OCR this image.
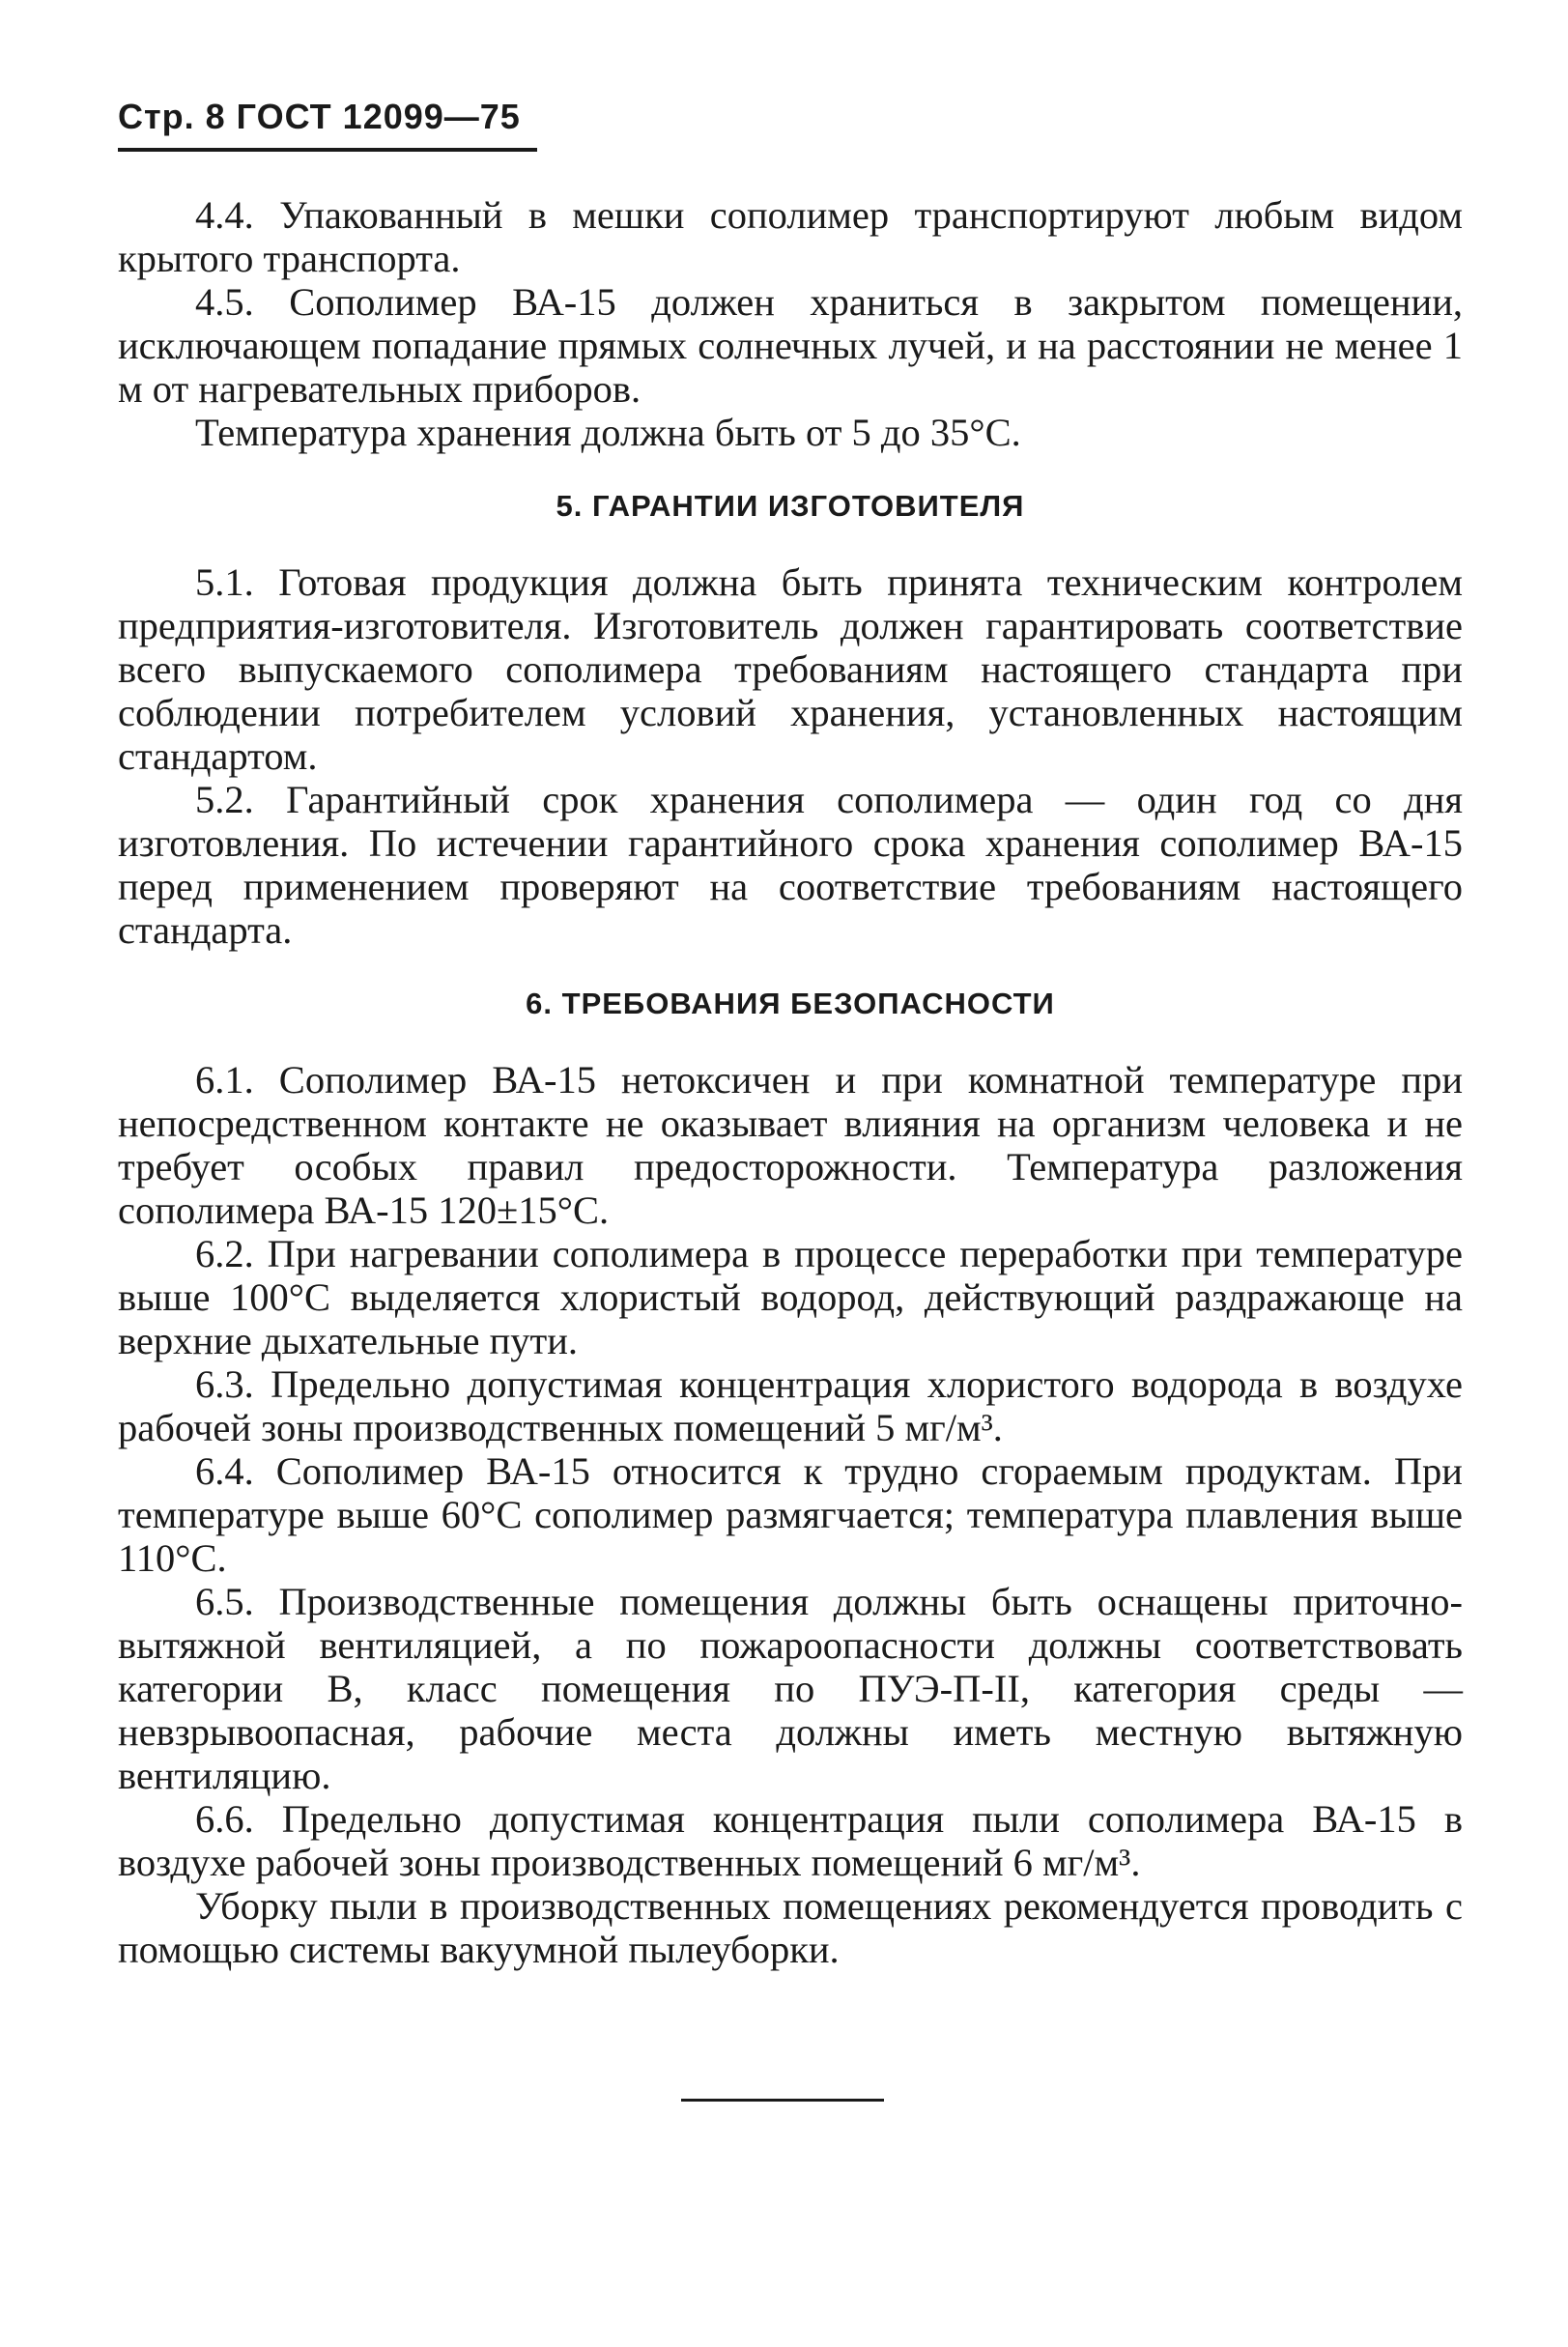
Стр. 8 ГОСТ 12099—75

4.4. Упакованный в мешки сополимер транспортируют любым видом крытого транспорта.

4.5. Сополимер ВА-15 должен храниться в закрытом помещении, исключающем попадание прямых солнечных лучей, и на расстоянии не менее 1 м от нагревательных приборов.

Температура хранения должна быть от 5 до 35°С.

5. ГАРАНТИИ ИЗГОТОВИТЕЛЯ

5.1. Готовая продукция должна быть принята техническим контролем предприятия-изготовителя. Изготовитель должен гарантировать соответствие всего выпускаемого сополимера требованиям настоящего стандарта при соблюдении потребителем условий хранения, установленных настоящим стандартом.

5.2. Гарантийный срок хранения сополимера — один год со дня изготовления. По истечении гарантийного срока хранения сополимер ВА-15 перед применением проверяют на соответствие требованиям настоящего стандарта.

6. ТРЕБОВАНИЯ БЕЗОПАСНОСТИ

6.1. Сополимер ВА-15 нетоксичен и при комнатной температуре при непосредственном контакте не оказывает влияния на организм человека и не требует особых правил предосторожности. Температура разложения сополимера ВА-15 120±15°С.

6.2. При нагревании сополимера в процессе переработки при температуре выше 100°С выделяется хлористый водород, действующий раздражающе на верхние дыхательные пути.

6.3. Предельно допустимая концентрация хлористого водорода в воздухе рабочей зоны производственных помещений 5 мг/м³.

6.4. Сополимер ВА-15 относится к трудно сгораемым продуктам. При температуре выше 60°С сополимер размягчается; температура плавления выше 110°С.

6.5. Производственные помещения должны быть оснащены приточно-вытяжной вентиляцией, а по пожароопасности должны соответствовать категории В, класс помещения по ПУЭ-П-II, категория среды — невзрывоопасная, рабочие места должны иметь местную вытяжную вентиляцию.

6.6. Предельно допустимая концентрация пыли сополимера ВА-15 в воздухе рабочей зоны производственных помещений 6 мг/м³.

Уборку пыли в производственных помещениях рекомендуется проводить с помощью системы вакуумной пылеуборки.
